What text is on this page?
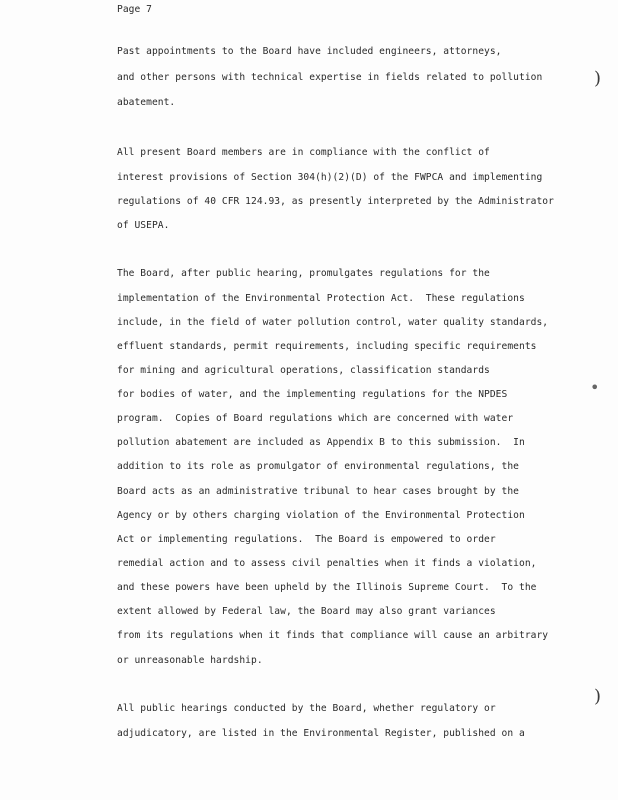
Page 7
Past appointments to the Board have included engineers, attorneys,
and other persons with technical expertise in fields related to pollution
abatement.
All present Board members are in compliance with the conflict of
interest provisions of Section 304(h)(2)(D) of the FWPCA and implementing
regulations of 40 CFR 124.93, as presently interpreted by the Administrator
of USEPA.
The Board, after public hearing, promulgates regulations for the
implementation of the Environmental Protection Act.  These regulations
include, in the field of water pollution control, water quality standards,
effluent standards, permit requirements, including specific requirements
for mining and agricultural operations, classification standards
for bodies of water, and the implementing regulations for the NPDES
program.  Copies of Board regulations which are concerned with water
pollution abatement are included as Appendix B to this submission.  In
addition to its role as promulgator of environmental regulations, the
Board acts as an administrative tribunal to hear cases brought by the
Agency or by others charging violation of the Environmental Protection
Act or implementing regulations.  The Board is empowered to order
remedial action and to assess civil penalties when it finds a violation,
and these powers have been upheld by the Illinois Supreme Court.  To the
extent allowed by Federal law, the Board may also grant variances
from its regulations when it finds that compliance will cause an arbitrary
or unreasonable hardship.
All public hearings conducted by the Board, whether regulatory or
adjudicatory, are listed in the Environmental Register, published on a
)
•
)
